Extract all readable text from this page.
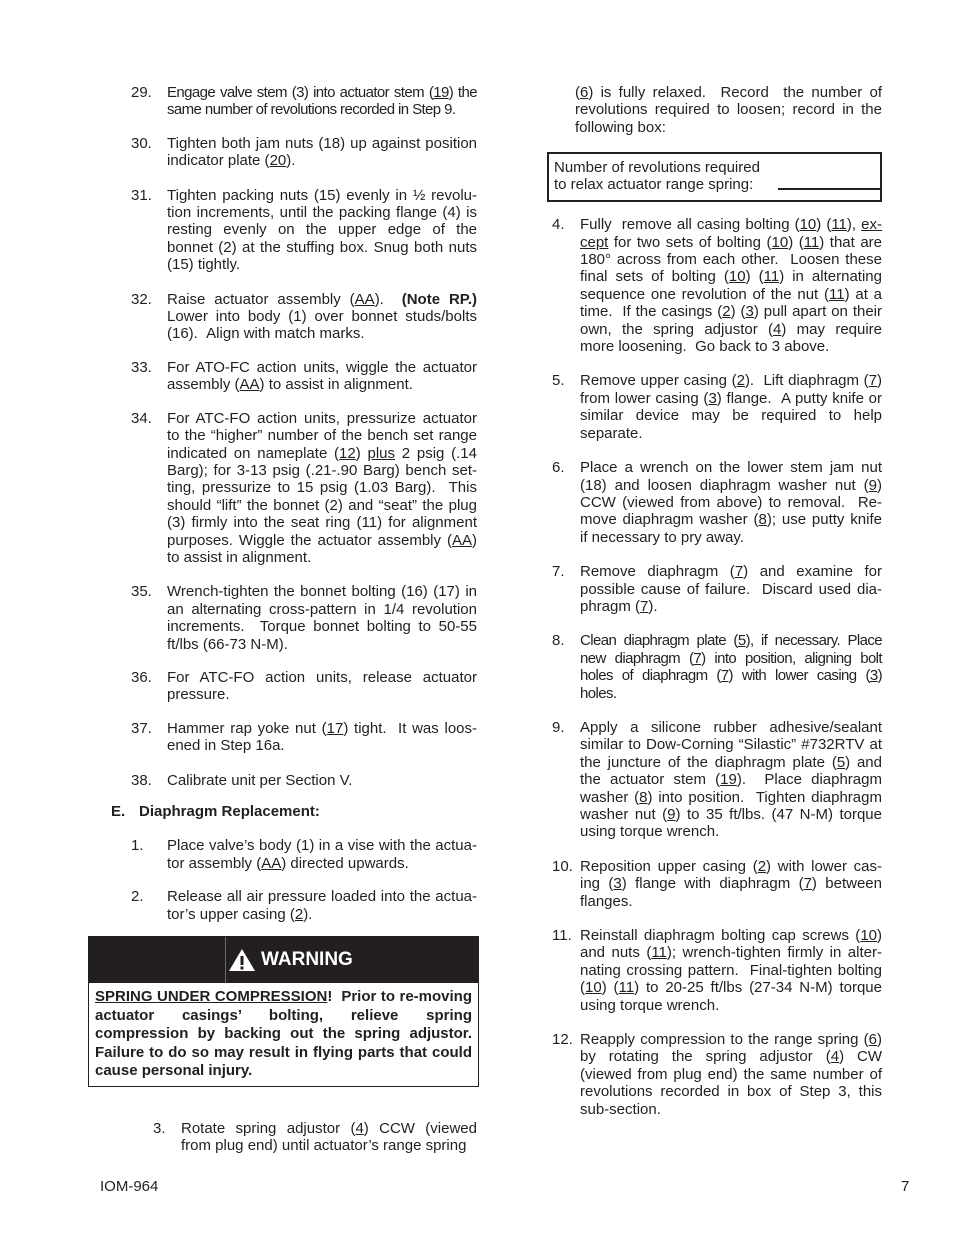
29. Engage valve stem (3) into actuator stem (19) the same number of revolutions recorded in Step 9.

30. Tighten both jam nuts (18) up against position indicator plate (20).

31. Tighten packing nuts (15) evenly in ½ revolu-tion increments, until the packing flange (4) is resting evenly on the upper edge of the bonnet (2) at the stuffing box. Snug both nuts (15) tightly.

32. Raise actuator assembly (AA).  (Note RP.) Lower into body (1) over bonnet studs/bolts (16).  Align with match marks.

33. For ATO-FC action units, wiggle the actuator assembly (AA) to assist in alignment.

34. For ATC-FO action units, pressurize actuator to the “higher” number of the bench set range indicated on nameplate (12) plus 2 psig (.14 Barg); for 3-13 psig (.21-.90 Barg) bench set-ting, pressurize to 15 psig (1.03 Barg).  This should “lift” the bonnet (2) and “seat” the plug (3) firmly into the seat ring (11) for alignment purposes. Wiggle the actuator assembly (AA) to assist in alignment.

35. Wrench-tighten the bonnet bolting (16) (17) in an alternating cross-pattern in 1/4 revolution increments.  Torque bonnet bolting to 50-55 ft/lbs (66-73 N-M).

36. For ATC-FO action units, release actuator pressure.

37. Hammer rap yoke nut (17) tight.  It was loos-ened in Step 16a.

38. Calibrate unit per Section V.

E. Diaphragm Replacement:

1. Place valve’s body (1) in a vise with the actua-tor assembly (AA) directed upwards.

2. Release all air pressure loaded into the actua-tor’s upper casing (2).

WARNING
SPRING UNDER COMPRESSION!  Prior to re-moving actuator casings’ bolting, relieve spring compression by backing out the spring adjustor. Failure to do so may result in flying parts that could cause personal injury.

3. Rotate spring adjustor (4) CCW (viewed from plug end) until actuator’s range spring

(6) is fully relaxed.  Record  the number of revolutions required to loosen; record in the following box:

Number of revolutions required
to relax actuator range spring:

4. Fully  remove all casing bolting (10) (11), ex-cept for two sets of bolting (10) (11) that are 180° across from each other.  Loosen these final sets of bolting (10) (11) in alternating sequence one revolution of the nut (11) at a time.  If the casings (2) (3) pull apart on their own, the spring adjustor (4) may require more loosening.  Go back to 3 above.

5. Remove upper casing (2).  Lift diaphragm (7) from lower casing (3) flange.  A putty knife or similar device may be required to help separate.

6. Place a wrench on the lower stem jam nut (18) and loosen diaphragm washer nut (9) CCW (viewed from above) to removal.  Re-move diaphragm washer (8); use putty knife if necessary to pry away.

7. Remove diaphragm (7) and examine for possible cause of failure.  Discard used dia-phragm (7).

8. Clean diaphragm plate (5), if necessary. Place new diaphragm (7) into position, aligning bolt holes of diaphragm (7) with lower casing (3) holes.

9. Apply a silicone rubber adhesive/sealant similar to Dow-Corning “Silastic” #732RTV at the juncture of the diaphragm plate (5) and the actuator stem (19).  Place diaphragm washer (8) into position.  Tighten diaphragm washer nut (9) to 35 ft/lbs. (47 N-M) torque using torque wrench.

10. Reposition upper casing (2) with lower cas-ing (3) flange with diaphragm (7) between flanges.

11. Reinstall diaphragm bolting cap screws (10) and nuts (11); wrench-tighten firmly in alter-nating crossing pattern.  Final-tighten bolting (10) (11) to 20-25 ft/lbs (27-34 N-M) torque using torque wrench.

12. Reapply compression to the range spring (6) by rotating the spring adjustor (4) CW (viewed from plug end) the same number of revolutions recorded in box of Step 3, this sub-section.

IOM-964	7
